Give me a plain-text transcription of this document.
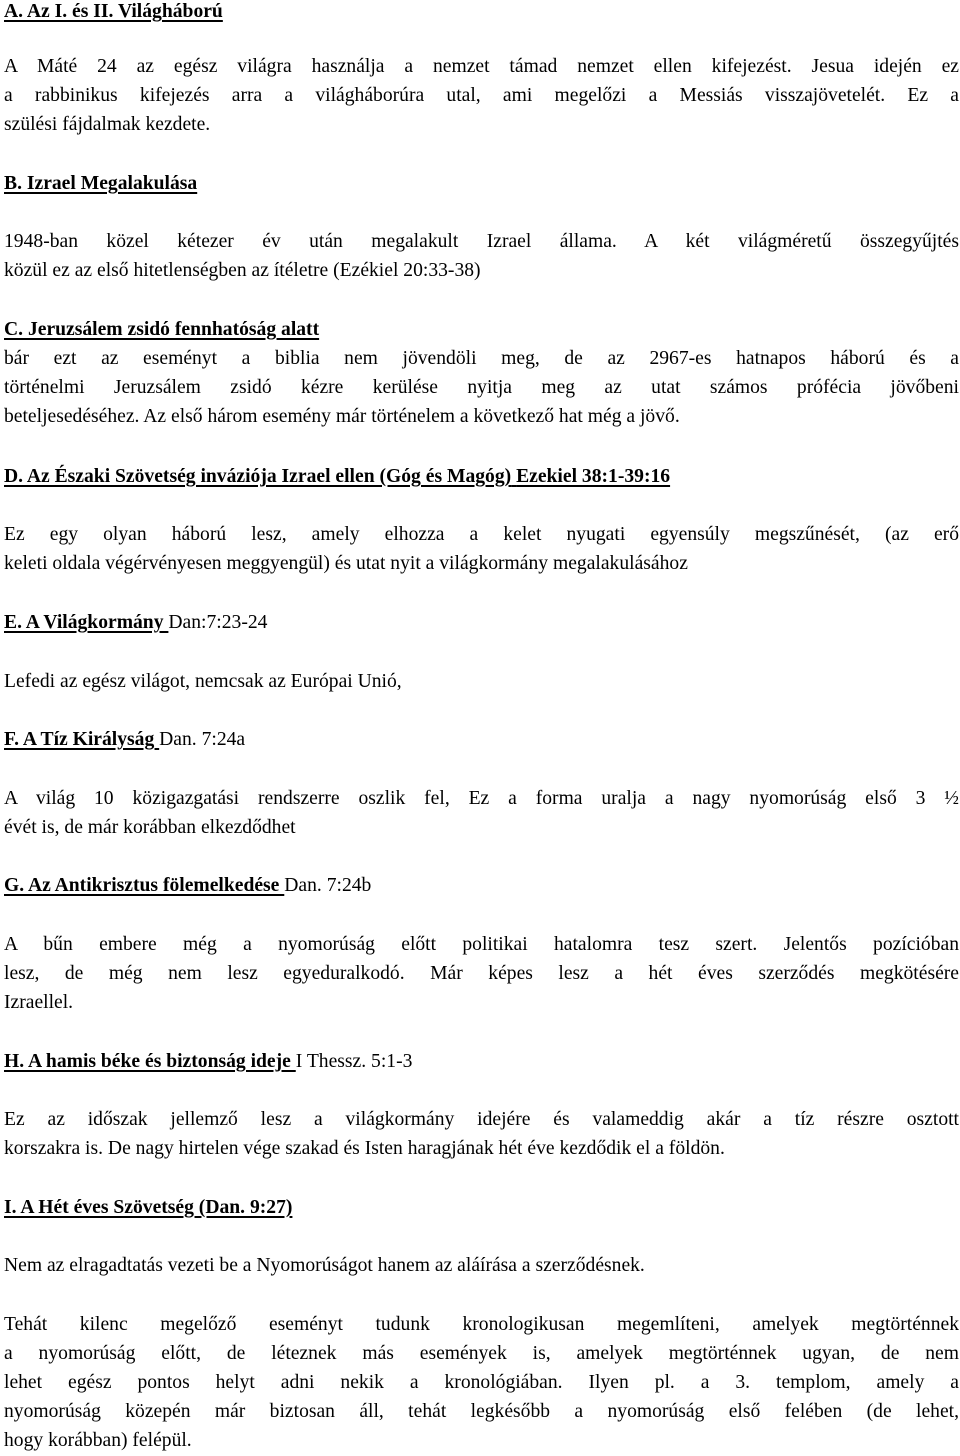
A. Az I. és II. Világháború
A Máté 24 az egész világra használja a nemzet támad nemzet ellen kifejezést. Jesua idején ez
a rabbinikus kifejezés arra a világháborúra utal, ami megelőzi a Messiás visszajövetelét. Ez a
szülési fájdalmak kezdete.
B. Izrael Megalakulása
1948-ban közel kétezer év után megalakult Izrael állama. A két világméretű összegyűjtés
közül ez az első hitetlenségben az ítéletre (Ezékiel 20:33-38)
C. Jeruzsálem zsidó fennhatóság alatt
bár ezt az eseményt a biblia nem jövendöli meg, de az 2967-es hatnapos háború és a
történelmi Jeruzsálem zsidó kézre kerülése nyitja meg az utat számos prófécia jövőbeni
beteljesedéséhez. Az első három esemény már történelem a következő hat még a jövő.
D. Az Északi Szövetség inváziója Izrael ellen (Góg és Magóg) Ezekiel 38:1-39:16
Ez egy olyan háború lesz, amely elhozza a kelet nyugati egyensúly megszűnését, (az erő
keleti oldala végérvényesen meggyengül) és utat nyit a világkormány megalakulásához
E. A Világkormány Dan:7:23-24
Lefedi az egész világot, nemcsak az Európai Unió,
F. A Tíz Királyság Dan. 7:24a
A világ 10 közigazgatási rendszerre oszlik fel, Ez a forma uralja a nagy nyomorúság első 3 ½
évét is, de már korábban elkezdődhet
G. Az Antikrisztus fölemelkedése Dan. 7:24b
A bűn embere még a nyomorúság előtt politikai hatalomra tesz szert. Jelentős pozícióban
lesz, de még nem lesz egyeduralkodó. Már képes lesz a hét éves szerződés megkötésére
Izraellel.
H. A hamis béke és biztonság ideje I Thessz. 5:1-3
Ez az időszak jellemző lesz a világkormány idejére és valameddig akár a tíz részre osztott
korszakra is. De nagy hirtelen vége szakad és Isten haragjának hét éve kezdődik el a földön.
I. A Hét éves Szövetség (Dan. 9:27)
Nem az elragadtatás vezeti be a Nyomorúságot hanem az aláírása a szerződésnek.
Tehát kilenc megelőző eseményt tudunk kronologikusan megemlíteni, amelyek megtörténnek
a nyomorúság előtt, de léteznek más események is, amelyek megtörténnek ugyan, de nem
lehet egész pontos helyt adni nekik a kronológiában. Ilyen pl. a 3. templom, amely a
nyomorúság közepén már biztosan áll, tehát legkésőbb a nyomorúság első felében (de lehet,
hogy korábban) felépül.
